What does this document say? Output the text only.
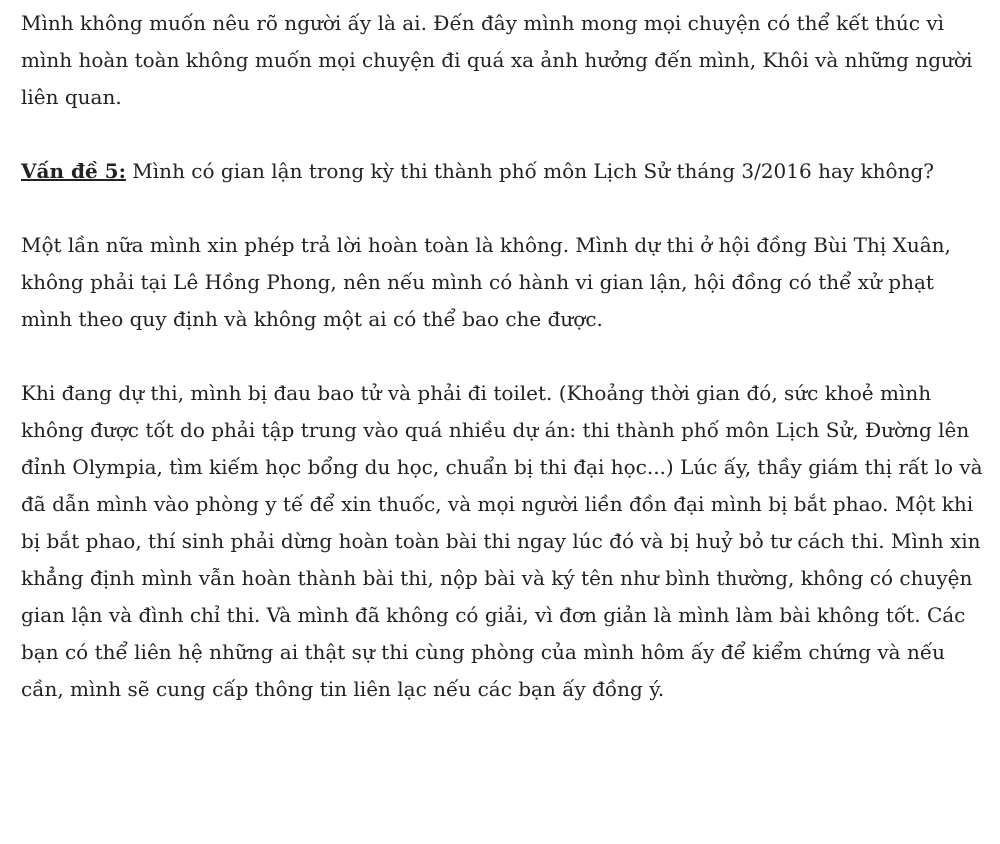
Mình không muốn nêu rõ người ấy là ai. Đến đây mình mong mọi chuyện có thể kết thúc vì mình hoàn toàn không muốn mọi chuyện đi quá xa ảnh hưởng đến mình, Khôi và những người liên quan.

Vấn đề 5: Mình có gian lận trong kỳ thi thành phố môn Lịch Sử tháng 3/2016 hay không?

Một lần nữa mình xin phép trả lời hoàn toàn là không. Mình dự thi ở hội đồng Bùi Thị Xuân, không phải tại Lê Hồng Phong, nên nếu mình có hành vi gian lận, hội đồng có thể xử phạt mình theo quy định và không một ai có thể bao che được.

Khi đang dự thi, mình bị đau bao tử và phải đi toilet. (Khoảng thời gian đó, sức khoẻ mình không được tốt do phải tập trung vào quá nhiều dự án: thi thành phố môn Lịch Sử, Đường lên đỉnh Olympia, tìm kiếm học bổng du học, chuẩn bị thi đại học...) Lúc ấy, thầy giám thị rất lo và đã dẫn mình vào phòng y tế để xin thuốc, và mọi người liền đồn đại mình bị bắt phao. Một khi bị bắt phao, thí sinh phải dừng hoàn toàn bài thi ngay lúc đó và bị huỷ bỏ tư cách thi. Mình xin khẳng định mình vẫn hoàn thành bài thi, nộp bài và ký tên như bình thường, không có chuyện gian lận và đình chỉ thi. Và mình đã không có giải, vì đơn giản là mình làm bài không tốt. Các bạn có thể liên hệ những ai thật sự thi cùng phòng của mình hôm ấy để kiểm chứng và nếu cần, mình sẽ cung cấp thông tin liên lạc nếu các bạn ấy đồng ý.
